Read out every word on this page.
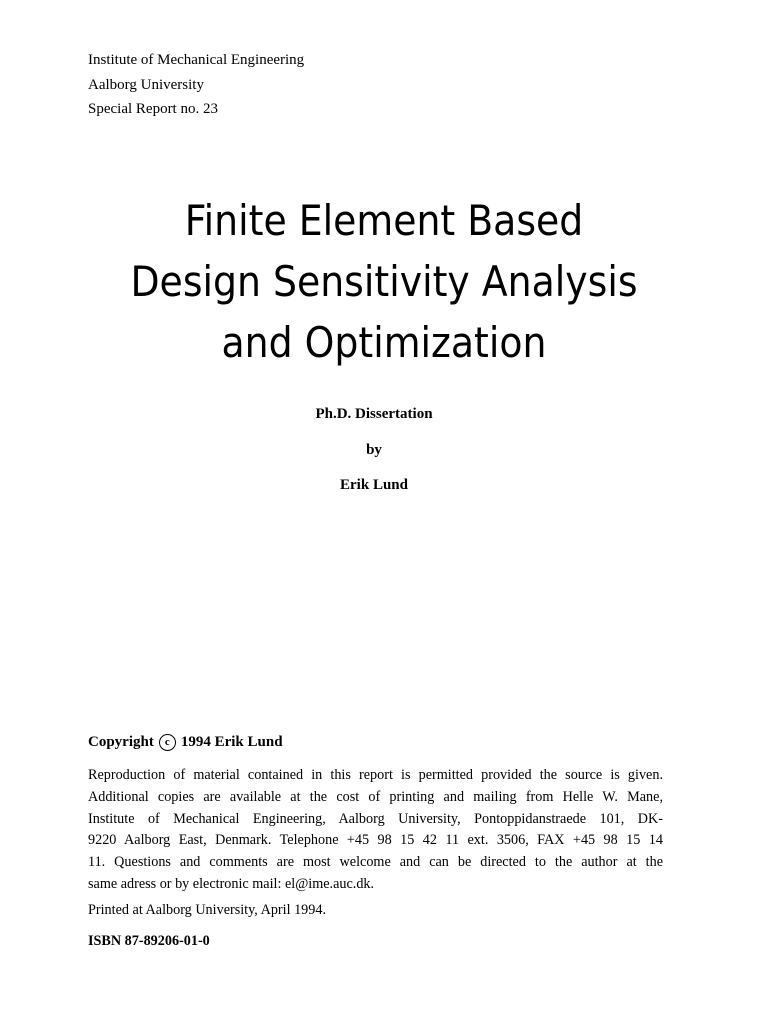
Institute of Mechanical Engineering
Aalborg University
Special Report no. 23
Finite Element Based
Design Sensitivity Analysis
and Optimization
Ph.D. Dissertation
by
Erik Lund
Copyright c 1994 Erik Lund
Reproduction of material contained in this report is permitted provided the source is given.
Additional copies are available at the cost of printing and mailing from Helle W. Mane,
Institute of Mechanical Engineering, Aalborg University, Pontoppidanstraede 101, DK-
9220 Aalborg East, Denmark. Telephone +45 98 15 42 11 ext. 3506, FAX +45 98 15 14
11. Questions and comments are most welcome and can be directed to the author at the
same adress or by electronic mail: el@ime.auc.dk.
Printed at Aalborg University, April 1994.
ISBN 87-89206-01-0
